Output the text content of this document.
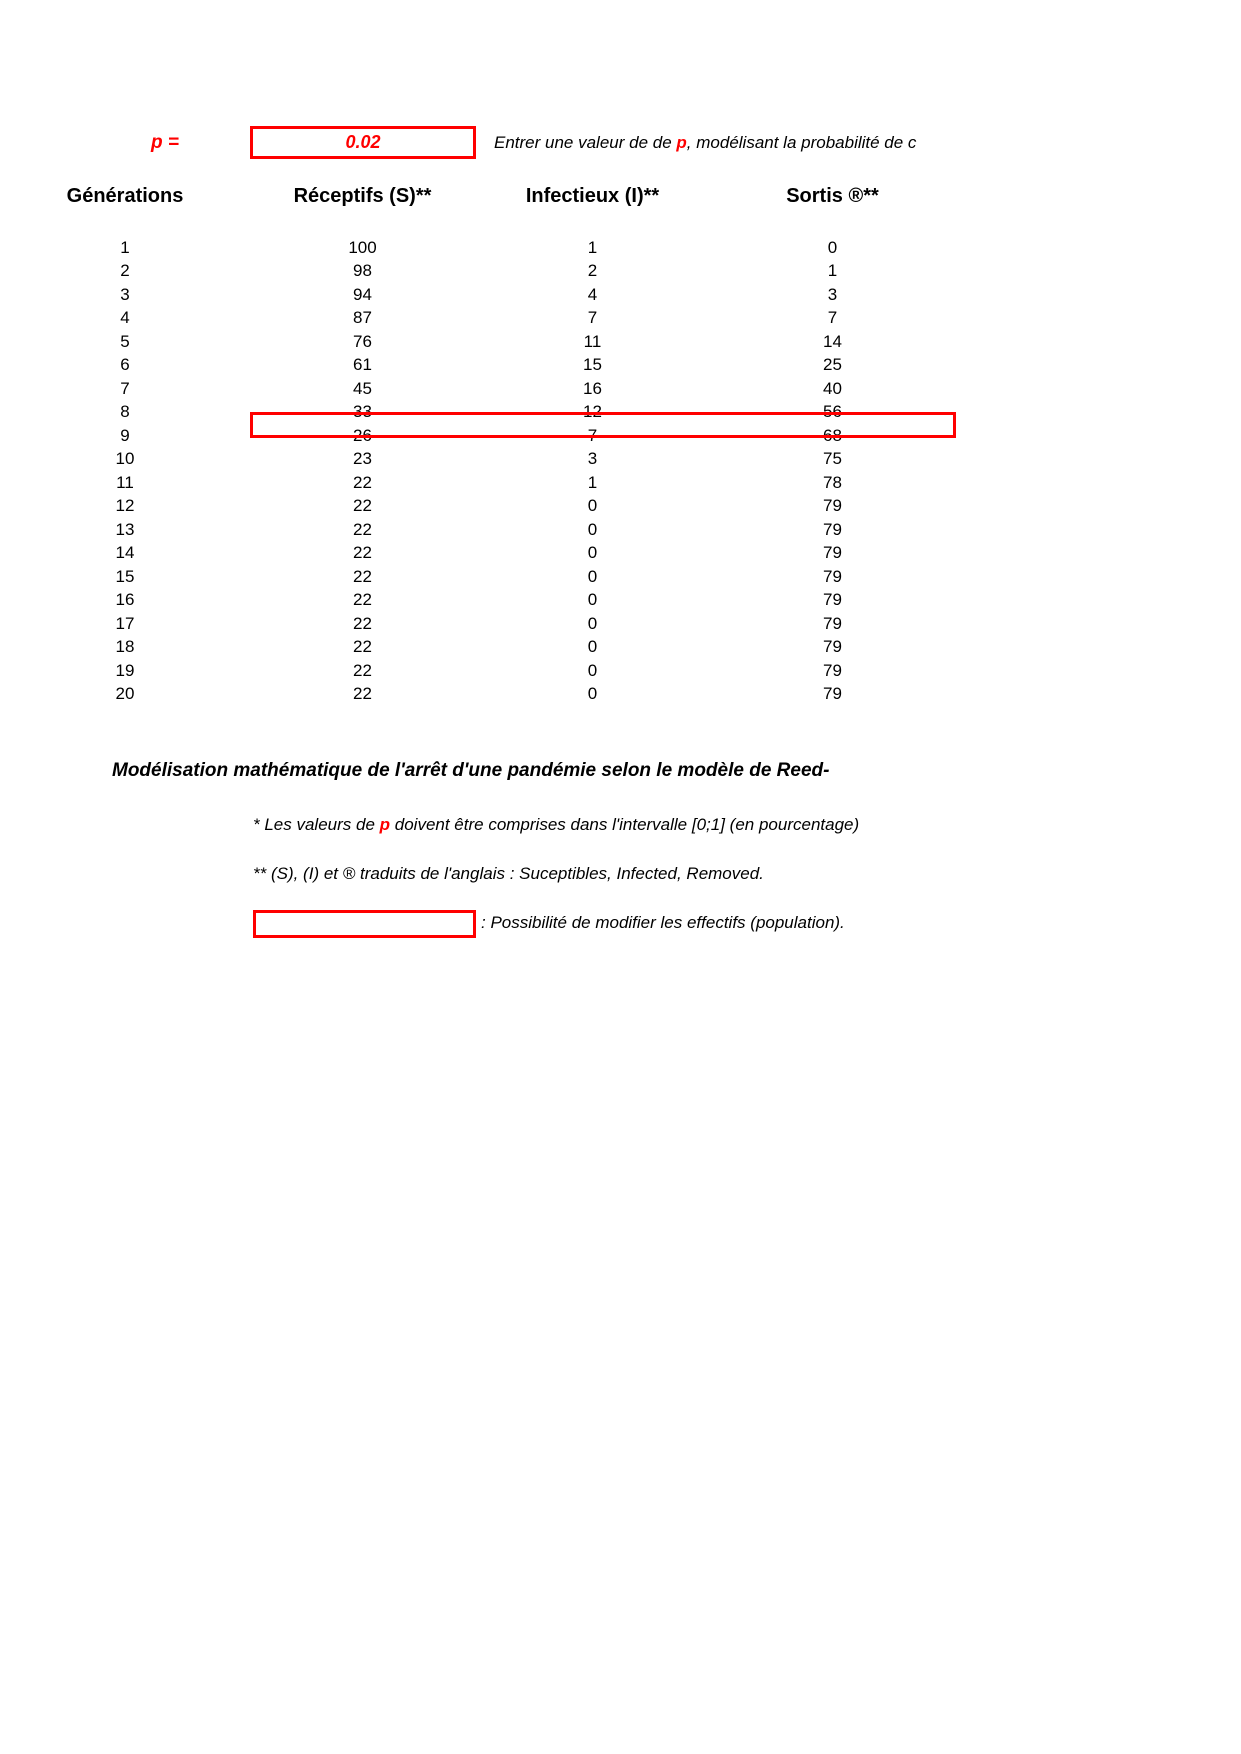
p =	0.02	Entrer une valeur de de p, modélisant la probabilité de c
Générations	Réceptifs (S)**	Infectieux (I)**	Sortis ®**

1	100	1	0
2	98	2	1
3	94	4	3
4	87	7	7
5	76	11	14
6	61	15	25
7	45	16	40
8	33	12	56
9	26	7	68
10	23	3	75
11	22	1	78
12	22	0	79
13	22	0	79
14	22	0	79
15	22	0	79
16	22	0	79
17	22	0	79
18	22	0	79
19	22	0	79
20	22	0	79
Modélisation mathématique de l'arrêt d'une pandémie selon le modèle de Reed-
* Les valeurs de p doivent être comprises dans l'intervalle [0;1] (en pourcentage)
** (S), (I) et ® traduits de l'anglais : Suceptibles, Infected, Removed.
: Possibilité de modifier les effectifs (population).
